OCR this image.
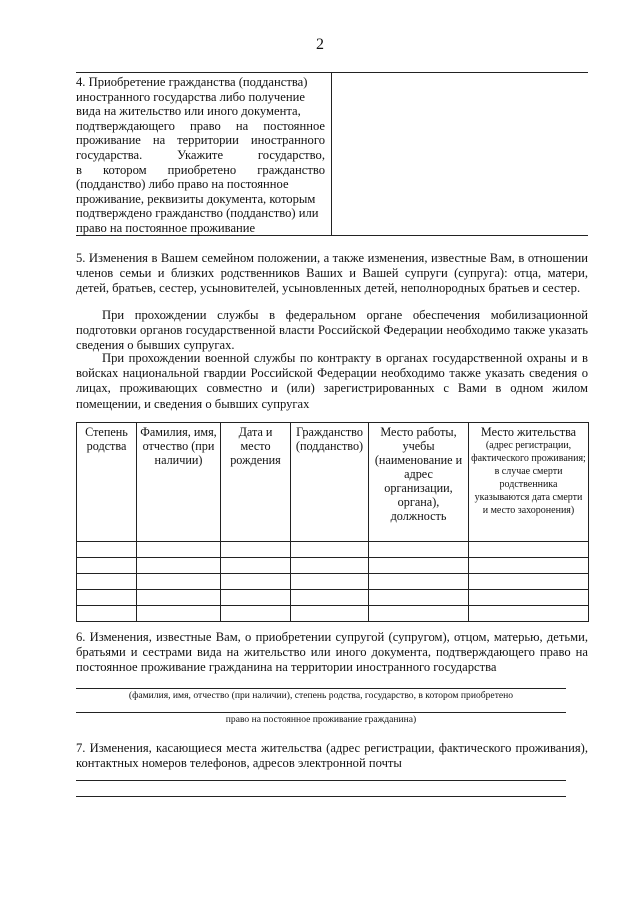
2
4. Приобретение гражданства (подданства)
иностранного государства либо получение
вида на жительство или иного документа,
подтверждающего право на постоянное
проживание на территории иностранного
государства. Укажите государство,
в котором приобретено гражданство
(подданство) либо право на постоянное
проживание, реквизиты документа, которым
подтверждено гражданство (подданство) или
право на постоянное проживание
5. Изменения в Вашем семейном положении, а также изменения, известные Вам, в отношении членов семьи и близких родственников Ваших и Вашей супруги (супруга): отца, матери, детей, братьев, сестер, усыновителей, усыновленных детей, неполнородных братьев и сестер.
При прохождении службы в федеральном органе обеспечения мобилизационной подготовки органов государственной власти Российской Федерации необходимо также указать сведения о бывших супругах.
При прохождении военной службы по контракту в органах государственной охраны и в войсках национальной гвардии Российской Федерации необходимо также указать сведения о лицах, проживающих совместно и (или) зарегистрированных с Вами в одном жилом помещении, и сведения о бывших супругах
Степень родства	Фамилия, имя, отчество (при наличии)	Дата и место рождения	Гражданство (подданство)	Место работы, учебы (наименование и адрес организации, органа), должность	Место жительства
(адрес регистрации, фактического проживания; в случае смерти родственника указываются дата смерти и место захоронения)

6. Изменения, известные Вам, о приобретении супругой (супругом), отцом, матерью, детьми, братьями и сестрами вида на жительство или иного документа, подтверждающего право на постоянное проживание гражданина на территории иностранного государства
(фамилия, имя, отчество (при наличии), степень родства, государство, в котором приобретено
право на постоянное проживание гражданина)
7. Изменения, касающиеся места жительства (адрес регистрации, фактического проживания), контактных номеров телефонов, адресов электронной почты
